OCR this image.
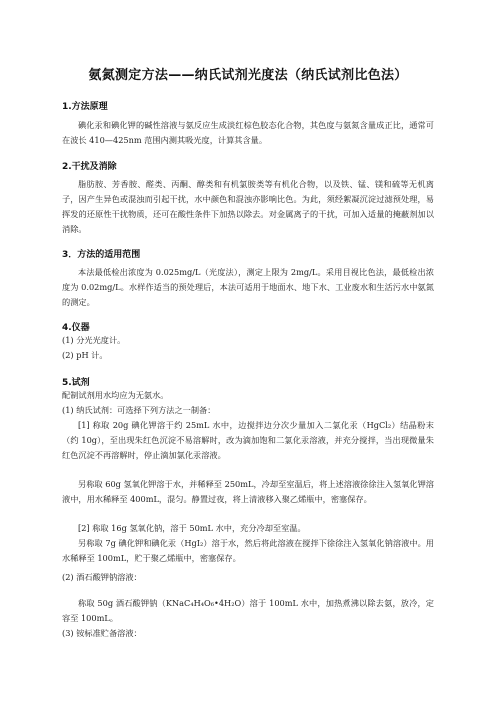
氨氮测定方法——纳氏试剂光度法（纳氏试剂比色法）
1.方法原理

碘化汞和碘化钾的碱性溶液与氨反应生成淡红棕色胶态化合物，其色度与氨氮含量成正比，通常可在波长 410—425nm 范围内测其吸光度，计算其含量。

2.干扰及消除

脂肪胺、芳香胺、醛类、丙酮、醇类和有机氯胺类等有机化合物，以及铁、锰、镁和硫等无机离子，因产生异色或混浊而引起干扰，水中颜色和混浊亦影响比色。为此，须经絮凝沉淀过滤预处理，易挥发的还原性干扰物质，还可在酸性条件下加热以除去。对金属离子的干扰，可加入适量的掩蔽剂加以消除。

3．方法的适用范围

本法最低检出浓度为 0.025mg/L（光度法），测定上限为 2mg/L。采用目视比色法，最低检出浓度为 0.02mg/L。水样作适当的预处理后，本法可适用于地面水、地下水、工业废水和生活污水中氨氮的测定。

4.仪器
(1) 分光光度计。
(2) pH 计。
5.试剂
配制试剂用水均应为无氨水。
(1) 纳氏试剂：可选择下列方法之一制备：

[1] 称取 20g 碘化钾溶于约 25mL 水中，边搅拌边分次少量加入二氯化汞（HgCl₂）结晶粉末（约 10g），至出现朱红色沉淀不易溶解时，改为滴加饱和二氯化汞溶液，并充分搅拌，当出现微量朱红色沉淀不再溶解时，停止滴加氯化汞溶液。

另称取 60g 氢氧化钾溶于水，并稀释至 250mL，冷却至室温后，将上述溶液徐徐注入氢氧化钾溶液中，用水稀释至 400mL，混匀。静置过夜，将上清液移入聚乙烯瓶中，密塞保存。

[2] 称取 16g 氢氧化钠，溶于 50mL 水中，充分冷却至室温。

另称取 7g 碘化钾和碘化汞（HgI₂）溶于水，然后将此溶液在搅拌下徐徐注入氢氧化钠溶液中。用水稀释至 100mL，贮于聚乙烯瓶中，密塞保存。

(2) 酒石酸钾钠溶液：

称取 50g 酒石酸钾钠（KNaC₄H₄O₆•4H₂O）溶于 100mL 水中，加热煮沸以除去氨，放冷，定容至 100mL。

(3) 铵标准贮备溶液：
